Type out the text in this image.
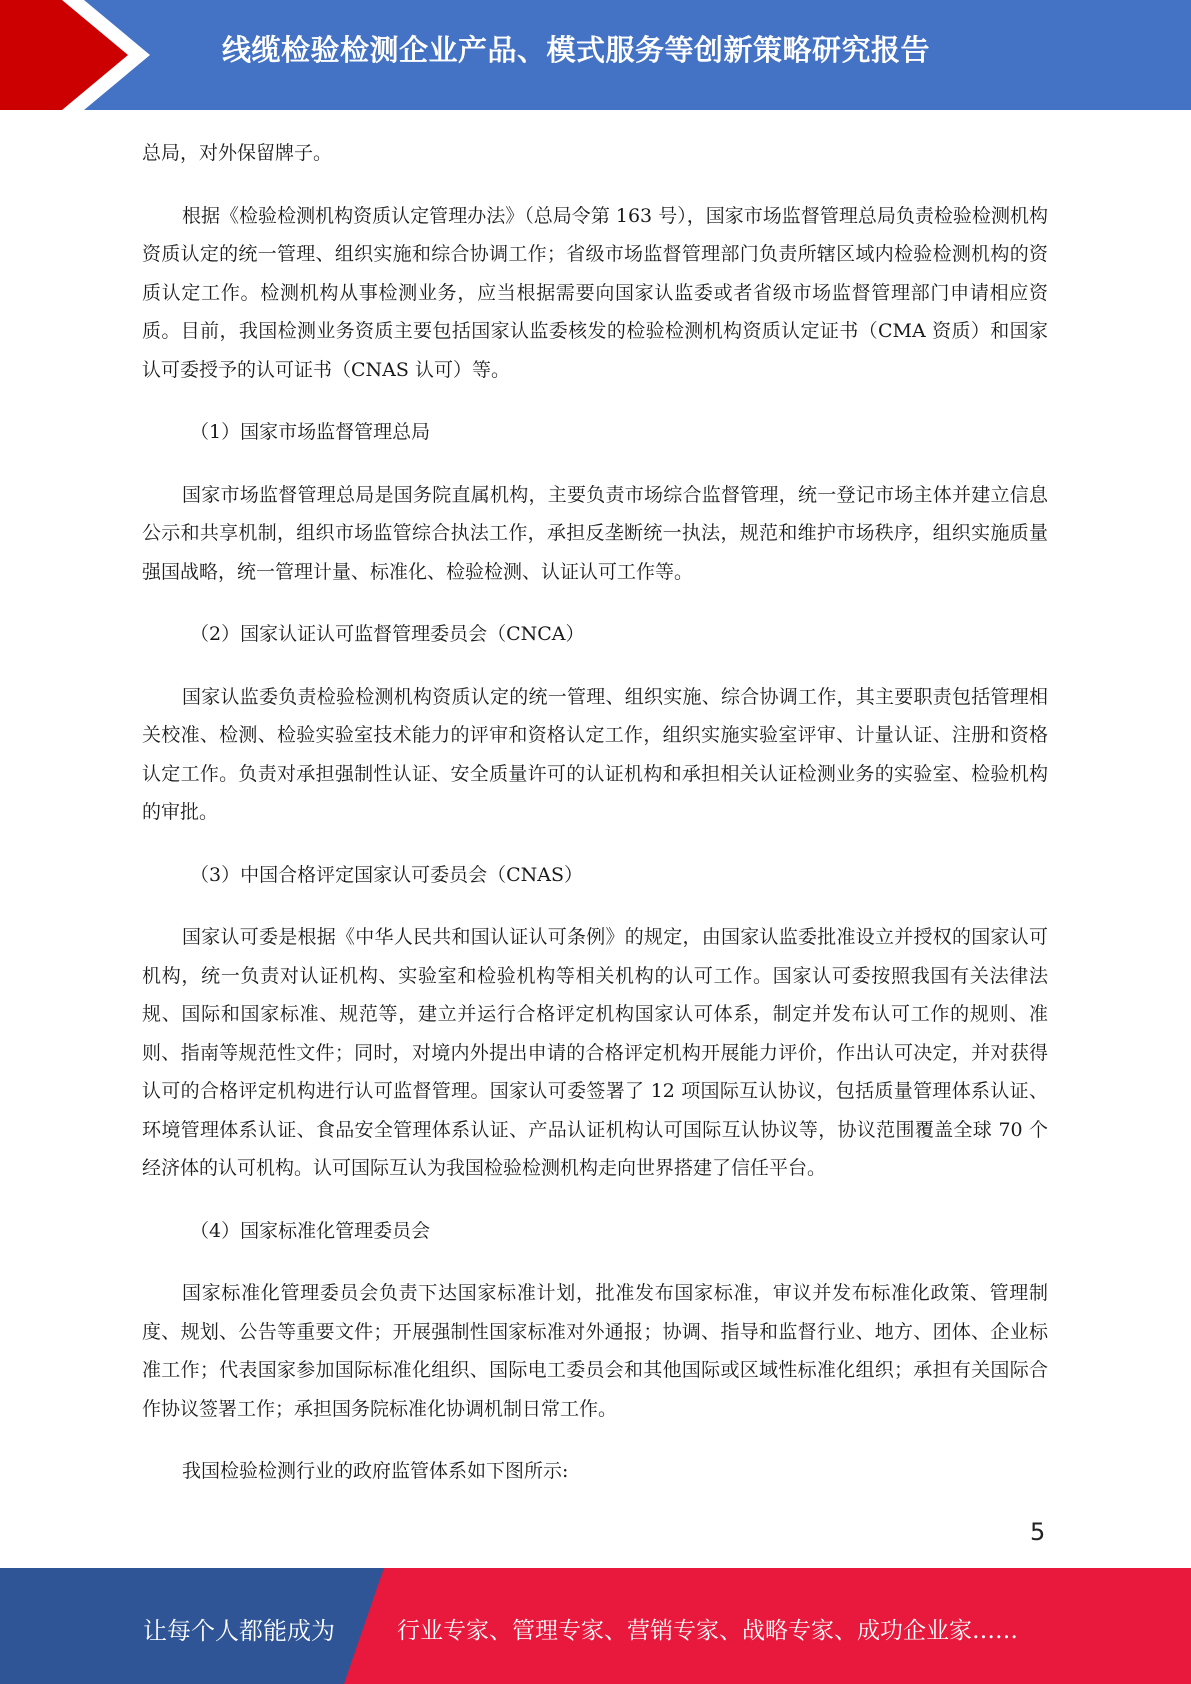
线缆检验检测企业产品、模式服务等创新策略研究报告

总局，对外保留牌子。

根据《检验检测机构资质认定管理办法》（总局令第 163 号），国家市场监督管理总局负责检验检测机构资质认定的统一管理、组织实施和综合协调工作；省级市场监督管理部门负责所辖区域内检验检测机构的资质认定工作。检测机构从事检测业务，应当根据需要向国家认监委或者省级市场监督管理部门申请相应资质。目前，我国检测业务资质主要包括国家认监委核发的检验检测机构资质认定证书（CMA 资质）和国家认可委授予的认可证书（CNAS 认可）等。

（1）国家市场监督管理总局

国家市场监督管理总局是国务院直属机构，主要负责市场综合监督管理，统一登记市场主体并建立信息公示和共享机制，组织市场监管综合执法工作，承担反垄断统一执法，规范和维护市场秩序，组织实施质量强国战略，统一管理计量、标准化、检验检测、认证认可工作等。

（2）国家认证认可监督管理委员会（CNCA）

国家认监委负责检验检测机构资质认定的统一管理、组织实施、综合协调工作，其主要职责包括管理相关校准、检测、检验实验室技术能力的评审和资格认定工作，组织实施实验室评审、计量认证、注册和资格认定工作。负责对承担强制性认证、安全质量许可的认证机构和承担相关认证检测业务的实验室、检验机构的审批。

（3）中国合格评定国家认可委员会（CNAS）

国家认可委是根据《中华人民共和国认证认可条例》的规定，由国家认监委批准设立并授权的国家认可机构，统一负责对认证机构、实验室和检验机构等相关机构的认可工作。国家认可委按照我国有关法律法规、国际和国家标准、规范等，建立并运行合格评定机构国家认可体系，制定并发布认可工作的规则、准则、指南等规范性文件；同时，对境内外提出申请的合格评定机构开展能力评价，作出认可决定，并对获得认可的合格评定机构进行认可监督管理。国家认可委签署了 12 项国际互认协议，包括质量管理体系认证、环境管理体系认证、食品安全管理体系认证、产品认证机构认可国际互认协议等，协议范围覆盖全球 70 个经济体的认可机构。认可国际互认为我国检验检测机构走向世界搭建了信任平台。

（4）国家标准化管理委员会

国家标准化管理委员会负责下达国家标准计划，批准发布国家标准，审议并发布标准化政策、管理制度、规划、公告等重要文件；开展强制性国家标准对外通报；协调、指导和监督行业、地方、团体、企业标准工作；代表国家参加国际标准化组织、国际电工委员会和其他国际或区域性标准化组织；承担有关国际合作协议签署工作；承担国务院标准化协调机制日常工作。

我国检验检测行业的政府监管体系如下图所示:

5
让每个人都能成为	行业专家、管理专家、营销专家、战略专家、成功企业家……
